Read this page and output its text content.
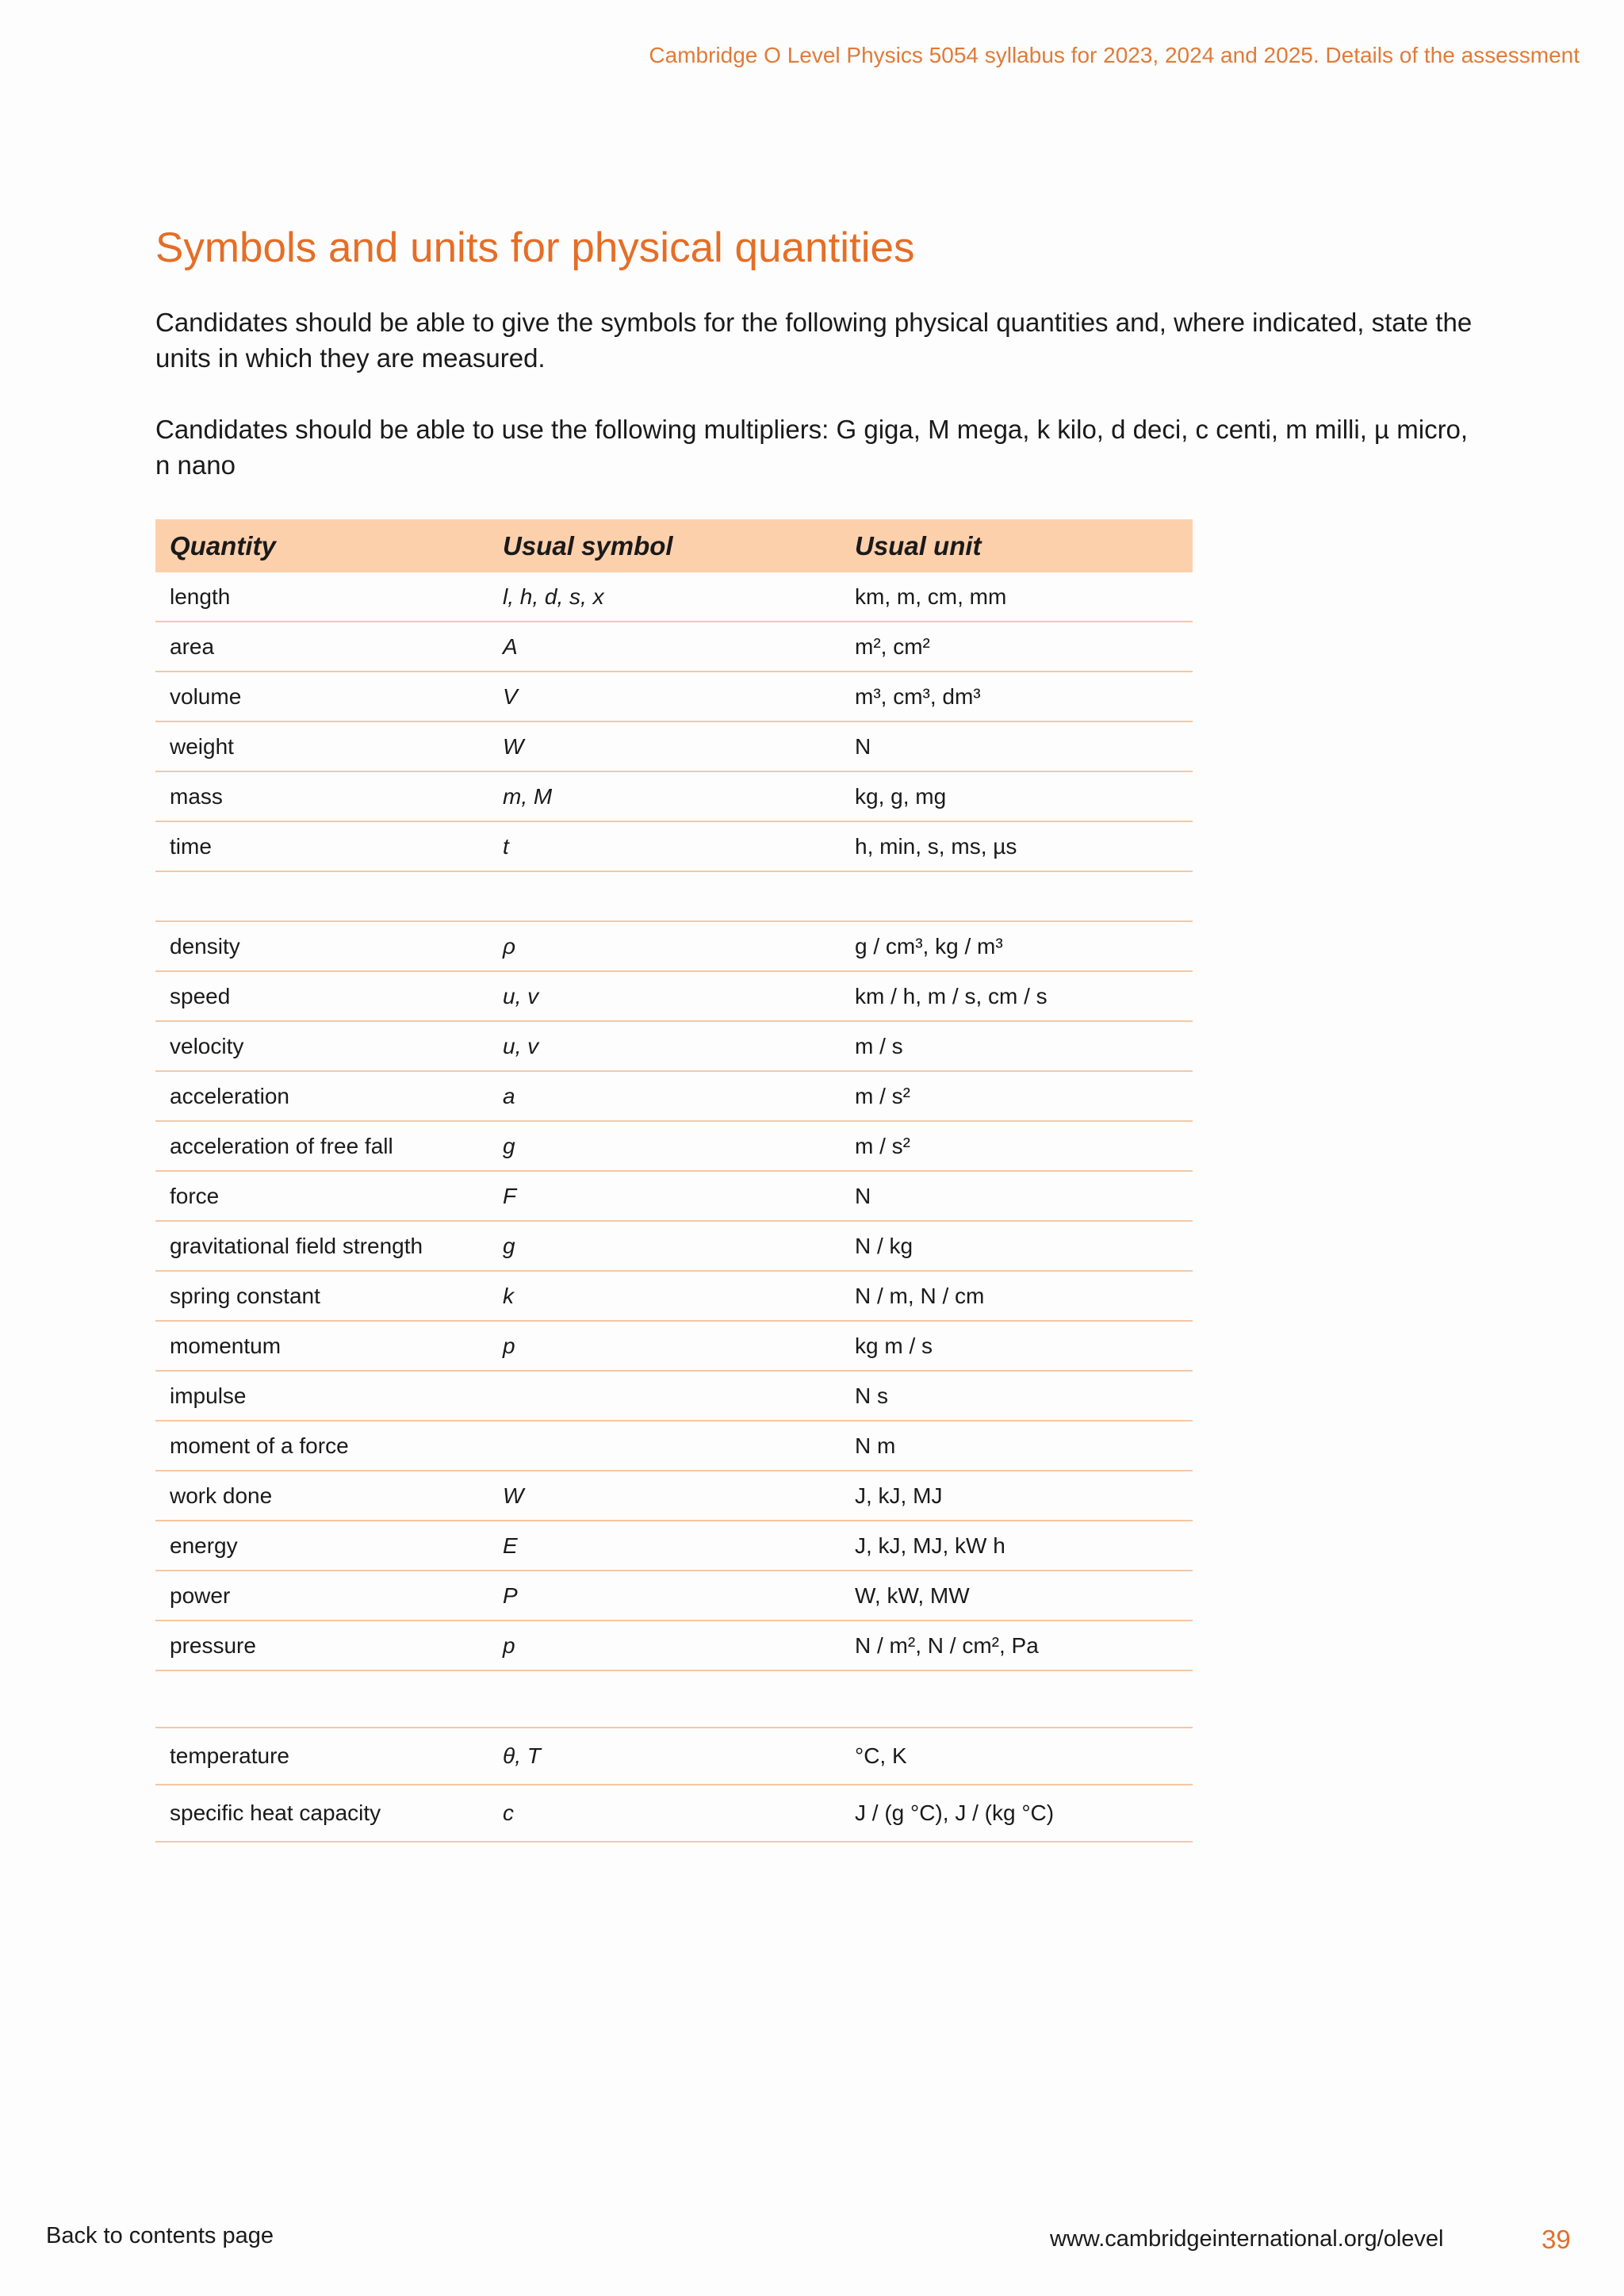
Cambridge O Level Physics 5054 syllabus for 2023, 2024 and 2025. Details of the assessment
Symbols and units for physical quantities

Candidates should be able to give the symbols for the following physical quantities and, where indicated, state the units in which they are measured.

Candidates should be able to use the following multipliers: G giga, M mega, k kilo, d deci, c centi, m milli, µ micro, n nano

Quantity	Usual symbol	Usual unit
length	l, h, d, s, x	km, m, cm, mm
area	A	m², cm²
volume	V	m³, cm³, dm³
weight	W	N
mass	m, M	kg, g, mg
time	t	h, min, s, ms, µs

density	ρ	g / cm³, kg / m³
speed	u, v	km / h, m / s, cm / s
velocity	u, v	m / s
acceleration	a	m / s²
acceleration of free fall	g	m / s²
force	F	N
gravitational field strength	g	N / kg
spring constant	k	N / m, N / cm
momentum	p	kg m / s
impulse		N s
moment of a force		N m
work done	W	J, kJ, MJ
energy	E	J, kJ, MJ, kW h
power	P	W, kW, MW
pressure	p	N / m², N / cm², Pa

temperature	θ, T	°C, K
specific heat capacity	c	J / (g °C), J / (kg °C)
Back to contents page	www.cambridgeinternational.org/olevel	39
